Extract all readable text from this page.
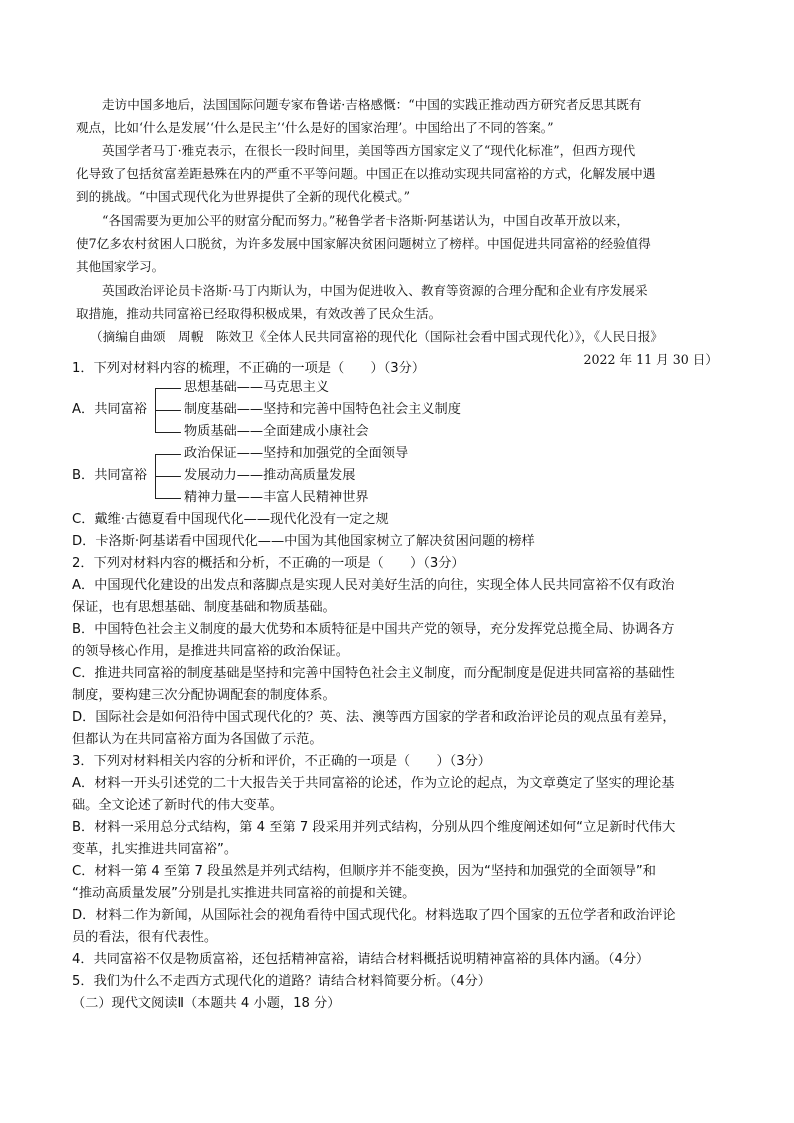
走访中国多地后，法国国际问题专家布鲁诺·吉格感慨：“中国的实践正推动西方研究者反思其既有

观点，比如‘什么是发展’‘什么是民主’‘什么是好的国家治理’。中国给出了不同的答案。”

英国学者马丁·雅克表示，在很长一段时间里，美国等西方国家定义了“现代化标准”，但西方现代

化导致了包括贫富差距悬殊在内的严重不平等问题。中国正在以推动实现共同富裕的方式，化解发展中遇

到的挑战。“中国式现代化为世界提供了全新的现代化模式。”

“各国需要为更加公平的财富分配而努力。”秘鲁学者卡洛斯·阿基诺认为，中国自改革开放以来，

使7亿多农村贫困人口脱贫，为许多发展中国家解决贫困问题树立了榜样。中国促进共同富裕的经验值得

其他国家学习。

英国政治评论员卡洛斯·马丁内斯认为，中国为促进收入、教育等资源的合理分配和企业有序发展采

取措施，推动共同富裕已经取得积极成果，有效改善了民众生活。

（摘编自曲颂　周輗　陈效卫《全体人民共同富裕的现代化（国际社会看中国式现代化）》，《人民日报》

2022 年 11 月 30 日）

1．下列对材料内容的梳理，不正确的一项是（　　）（3分）

A．共同富裕
思想基础——马克思主义
制度基础——坚持和完善中国特色社会主义制度
物质基础——全面建成小康社会
B．共同富裕
政治保证——坚持和加强党的全面领导
发展动力——推动高质量发展
精神力量——丰富人民精神世界

C．戴维·古德夏看中国现代化——现代化没有一定之规

D．卡洛斯·阿基诺看中国现代化——中国为其他国家树立了解决贫困问题的榜样

2．下列对材料内容的概括和分析，不正确的一项是（　　）（3分）

A．中国现代化建设的出发点和落脚点是实现人民对美好生活的向往，实现全体人民共同富裕不仅有政治

保证，也有思想基础、制度基础和物质基础。

B．中国特色社会主义制度的最大优势和本质特征是中国共产党的领导，充分发挥党总揽全局、协调各方

的领导核心作用，是推进共同富裕的政治保证。

C．推进共同富裕的制度基础是坚持和完善中国特色社会主义制度，而分配制度是促进共同富裕的基础性

制度，要构建三次分配协调配套的制度体系。

D．国际社会是如何沿待中国式现代化的？英、法、澳等西方国家的学者和政治评论员的观点虽有差异，

但都认为在共同富裕方面为各国做了示范。

3．下列对材料相关内容的分析和评价，不正确的一项是（　　）（3分）

A．材料一开头引述党的二十大报告关于共同富裕的论述，作为立论的起点，为文章奠定了坚实的理论基

础。全文论述了新时代的伟大变革。

B．材料一采用总分式结构，第 4 至第 7 段采用并列式结构，分别从四个维度阐述如何“立足新时代伟大

变革，扎实推进共同富裕”。

C．材料一第 4 至第 7 段虽然是并列式结构，但顺序并不能变换，因为“坚持和加强党的全面领导”和

“推动高质量发展”分别是扎实推进共同富裕的前提和关键。

D．材料二作为新闻，从国际社会的视角看待中国式现代化。材料选取了四个国家的五位学者和政治评论

员的看法，很有代表性。

4．共同富裕不仅是物质富裕，还包括精神富裕，请结合材料概括说明精神富裕的具体内涵。（4分）

5．我们为什么不走西方式现代化的道路？请结合材料简要分析。（4分）

（二）现代文阅读Ⅱ（本题共 4 小题，18 分）
